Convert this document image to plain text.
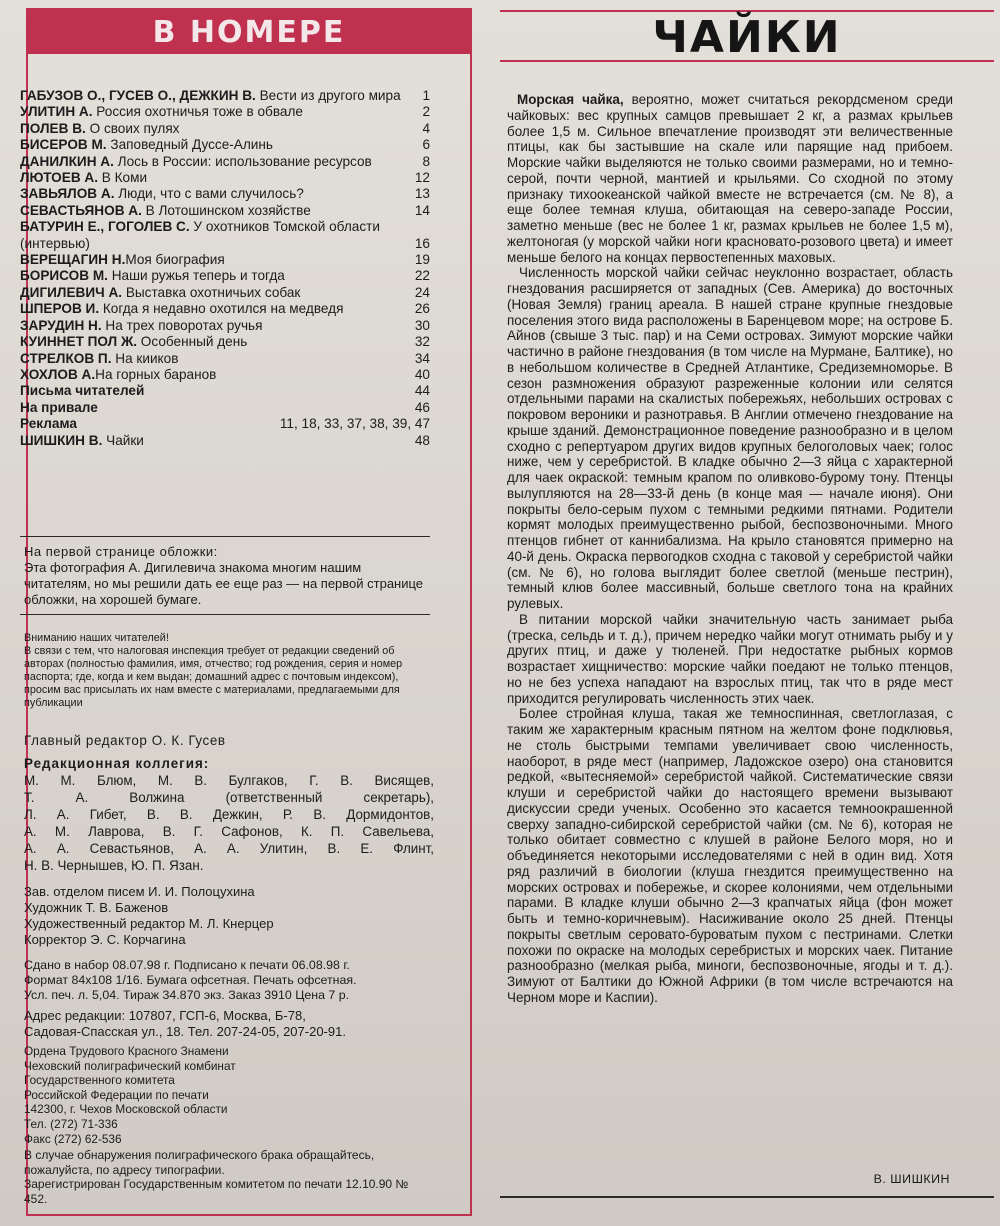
В НОМЕРЕ
ГАБУЗОВ О., ГУСЕВ О., ДЕЖКИН В. Вести из другого мира	1
УЛИТИН А. Россия охотничья тоже в обвале	2
ПОЛЕВ В. О своих пулях	4
БИСЕРОВ М. Заповедный Дуссе-Алинь	6
ДАНИЛКИН А. Лось в России: использование ресурсов	8
ЛЮТОЕВ А. В Коми	12
ЗАВЬЯЛОВ А. Люди, что с вами случилось?	13
СЕВАСТЬЯНОВ А. В Лотошинском хозяйстве	14
БАТУРИН Е., ГОГОЛЕВ С. У охотников Томской области (интервью)	16
ВЕРЕЩАГИН Н.Моя биография	19
БОРИСОВ М. Наши ружья теперь и тогда	22
ДИГИЛЕВИЧ А. Выставка охотничьих собак	24
ШПЕРОВ И. Когда я недавно охотился на медведя	26
ЗАРУДИН Н. На трех поворотах ручья	30
КУИННЕТ ПОЛ Ж. Особенный день	32
СТРЕЛКОВ П. На кииков	34
ХОХЛОВ А.На горных баранов	40
Письма читателей	44
На привале	46
Реклама	11, 18, 33, 37, 38, 39, 47
ШИШКИН В. Чайки	48
На первой странице обложки:
Эта фотография А. Дигилевича знакома многим нашим читателям, но мы решили дать ее еще раз — на первой странице обложки, на хорошей бумаге.
Вниманию наших читателей!
В связи с тем, что налоговая инспекция требует от редакции сведений об авторах (полностью фамилия, имя, отчество; год рождения, серия и номер паспорта; где, когда и кем выдан; домашний адрес с почтовым индексом), просим вас присылать их нам вместе с материалами, предлагаемыми для публикации
Главный редактор О. К. Гусев
Редакционная коллегия:
М. М. Блюм, М. В. Булгаков, Г. В. Висящев,
Т. А. Волжина (ответственный секретарь),
Л. А. Гибет, В. В. Дежкин, Р. В. Дормидонтов,
А. М. Лаврова, В. Г. Сафонов, К. П. Савельева,
А. А. Севастьянов, А. А. Улитин, В. Е. Флинт,
Н. В. Чернышев, Ю. П. Язан.
Зав. отделом писем И. И. Полоцухина
Художник Т. В. Баженов
Художественный редактор М. Л. Кнерцер
Корректор Э. С. Корчагина
Сдано в набор 08.07.98 г. Подписано к печати 06.08.98 г.
Формат 84x108 1/16. Бумага офсетная. Печать офсетная.
Усл. печ. л. 5,04. Тираж 34.870 экз. Заказ 3910 Цена 7 р.
Адрес редакции: 107807, ГСП-6, Москва, Б-78,
Садовая-Спасская ул., 18. Тел. 207-24-05, 207-20-91.
Ордена Трудового Красного Знамени
Чеховский полиграфический комбинат
Государственного комитета
Российской Федерации по печати
142300, г. Чехов Московской области
Тел. (272) 71-336
Факс (272) 62-536
В случае обнаружения полиграфического брака обращайтесь, пожалуйста, по адресу типографии.
Зарегистрирован Государственным комитетом по печати 12.10.90 № 452.
ЧАЙКИ

Морская чайка, вероятно, может считаться рекордсменом среди чайковых: вес крупных самцов превышает 2 кг, а размах крыльев более 1,5 м. Сильное впечатление производят эти величественные птицы, как бы застывшие на скале или парящие над прибоем. Морские чайки выделяются не только своими размерами, но и темно-серой, почти черной, мантией и крыльями. Со сходной по этому признаку тихоокеанской чайкой вместе не встречается (см. № 8), а еще более темная клуша, обитающая на северо-западе России, заметно меньше (вес не более 1 кг, размах крыльев не более 1,5 м), желтоногая (у морской чайки ноги красновато-розового цвета) и имеет меньше белого на концах первостепенных маховых.

Численность морской чайки сейчас неуклонно возрастает, область гнездования расширяется от западных (Сев. Америка) до восточных (Новая Земля) границ ареала. В нашей стране крупные гнездовые поселения этого вида расположены в Баренцевом море; на острове Б. Айнов (свыше 3 тыс. пар) и на Семи островах. Зимуют морские чайки частично в районе гнездования (в том числе на Мурмане, Балтике), но в небольшом количестве в Средней Атлантике, Средиземноморье. В сезон размножения образуют разреженные колонии или селятся отдельными парами на скалистых побережьях, небольших островах с покровом вероники и разнотравья. В Англии отмечено гнездование на крыше зданий. Демонстрационное поведение разнообразно и в целом сходно с репертуаром других видов крупных белоголовых чаек; голос ниже, чем у серебристой. В кладке обычно 2—3 яйца с характерной для чаек окраской: темным крапом по оливково-бурому тону. Птенцы вылупляются на 28—33-й день (в конце мая — начале июня). Они покрыты бело-серым пухом с темными редкими пятнами. Родители кормят молодых преимущественно рыбой, беспозвоночными. Много птенцов гибнет от каннибализма. На крыло становятся примерно на 40-й день. Окраска первогодков сходна с таковой у серебристой чайки (см. № 6), но голова выглядит более светлой (меньше пестрин), темный клюв более массивный, больше светлого тона на крайних рулевых.

В питании морской чайки значительную часть занимает рыба (треска, сельдь и т. д.), причем нередко чайки могут отнимать рыбу и у других птиц, и даже у тюленей. При недостатке рыбных кормов возрастает хищничество: морские чайки поедают не только птенцов, но не без успеха нападают на взрослых птиц, так что в ряде мест приходится регулировать численность этих чаек.

Более стройная клуша, такая же темноспинная, светлоглазая, с таким же характерным красным пятном на желтом фоне подклювья, не столь быстрыми темпами увеличивает свою численность, наоборот, в ряде мест (например, Ладожское озеро) она становится редкой, «вытесняемой» серебристой чайкой. Систематические связи клуши и серебристой чайки до настоящего времени вызывают дискуссии среди ученых. Особенно это касается темноокрашенной сверху западно-сибирской серебристой чайки (см. № 6), которая не только обитает совместно с клушей в районе Белого моря, но и объединяется некоторыми исследователями с ней в один вид. Хотя ряд различий в биологии (клуша гнездится преимущественно на морских островах и побережье, и скорее колониями, чем отдельными парами. В кладке клуши обычно 2—3 крапчатых яйца (фон может быть и темно-коричневым). Насиживание около 25 дней. Птенцы покрыты светлым серовато-буроватым пухом с пестринами. Слетки похожи по окраске на молодых серебристых и морских чаек. Питание разнообразно (мелкая рыба, миноги, беспозвоночные, ягоды и т. д.). Зимуют от Балтики до Южной Африки (в том числе встречаются на Черном море и Каспии).

В. ШИШКИН
